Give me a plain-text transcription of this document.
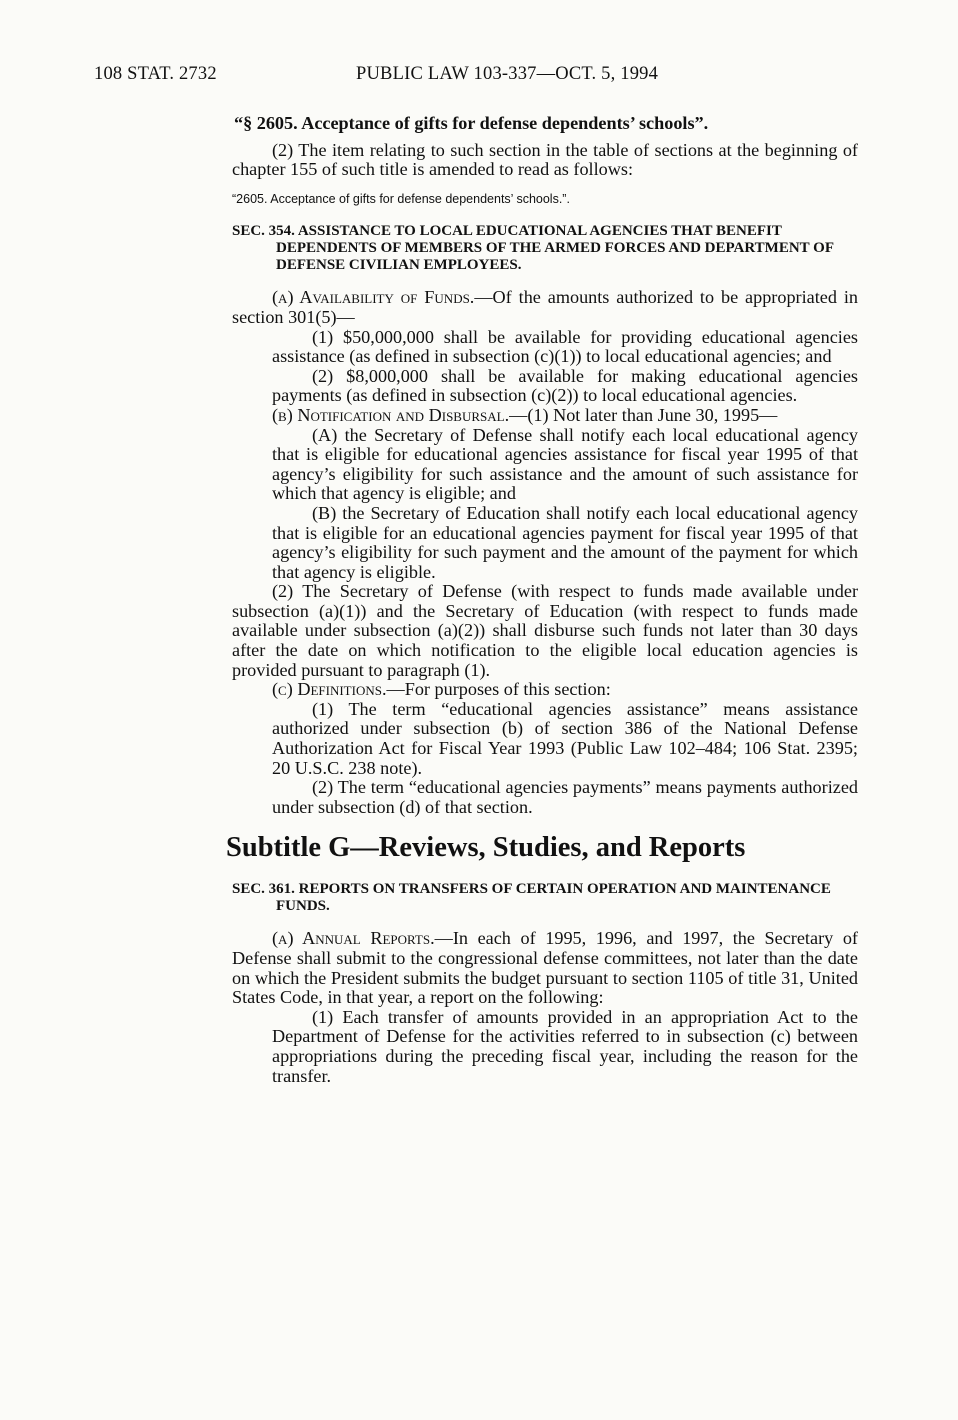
108 STAT. 2732	PUBLIC LAW 103-337—OCT. 5, 1994

“§ 2605. Acceptance of gifts for defense dependents’ schools”.

(2) The item relating to such section in the table of sections at the beginning of chapter 155 of such title is amended to read as follows:

“2605. Acceptance of gifts for defense dependents’ schools.”.

SEC. 354. ASSISTANCE TO LOCAL EDUCATIONAL AGENCIES THAT BENEFIT DEPENDENTS OF MEMBERS OF THE ARMED FORCES AND DEPARTMENT OF DEFENSE CIVILIAN EMPLOYEES.

(a) Availability of Funds.—Of the amounts authorized to be appropriated in section 301(5)—

(1) $50,000,000 shall be available for providing educational agencies assistance (as defined in subsection (c)(1)) to local educational agencies; and

(2) $8,000,000 shall be available for making educational agencies payments (as defined in subsection (c)(2)) to local educational agencies.

(b) Notification and Disbursal.—(1) Not later than June 30, 1995—

(A) the Secretary of Defense shall notify each local educational agency that is eligible for educational agencies assistance for fiscal year 1995 of that agency’s eligibility for such assistance and the amount of such assistance for which that agency is eligible; and

(B) the Secretary of Education shall notify each local educational agency that is eligible for an educational agencies payment for fiscal year 1995 of that agency’s eligibility for such payment and the amount of the payment for which that agency is eligible.

(2) The Secretary of Defense (with respect to funds made available under subsection (a)(1)) and the Secretary of Education (with respect to funds made available under subsection (a)(2)) shall disburse such funds not later than 30 days after the date on which notification to the eligible local education agencies is provided pursuant to paragraph (1).

(c) Definitions.—For purposes of this section:

(1) The term “educational agencies assistance” means assistance authorized under subsection (b) of section 386 of the National Defense Authorization Act for Fiscal Year 1993 (Public Law 102–484; 106 Stat. 2395; 20 U.S.C. 238 note).

(2) The term “educational agencies payments” means payments authorized under subsection (d) of that section.

Subtitle G—Reviews, Studies, and Reports

SEC. 361. REPORTS ON TRANSFERS OF CERTAIN OPERATION AND MAINTENANCE FUNDS.

(a) Annual Reports.—In each of 1995, 1996, and 1997, the Secretary of Defense shall submit to the congressional defense committees, not later than the date on which the President submits the budget pursuant to section 1105 of title 31, United States Code, in that year, a report on the following:

(1) Each transfer of amounts provided in an appropriation Act to the Department of Defense for the activities referred to in subsection (c) between appropriations during the preceding fiscal year, including the reason for the transfer.
